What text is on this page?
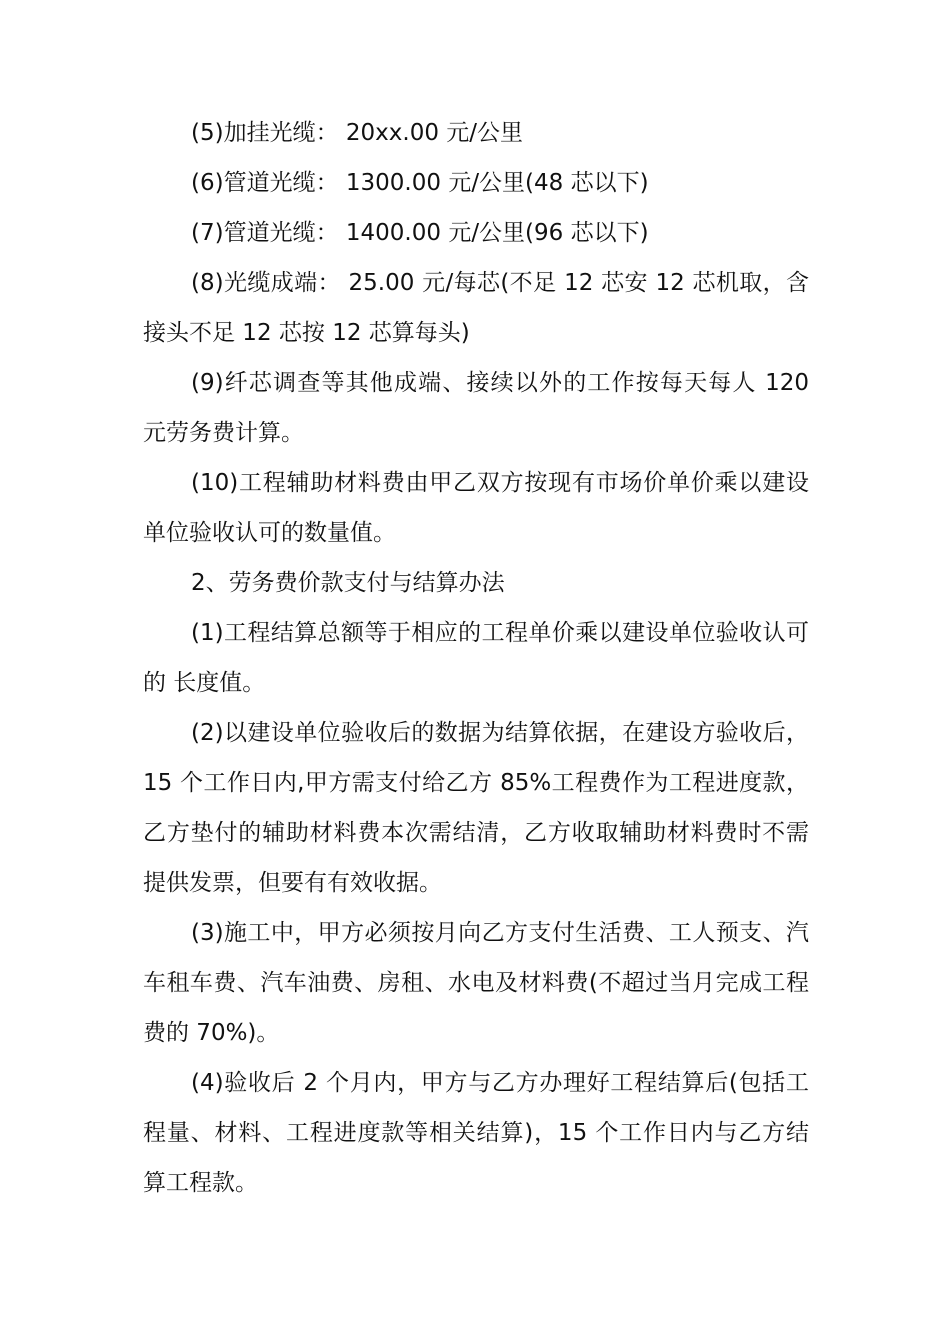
(5)加挂光缆： 20xx.00 元/公里

(6)管道光缆： 1300.00 元/公里(48 芯以下)

(7)管道光缆： 1400.00 元/公里(96 芯以下)

(8)光缆成端： 25.00 元/每芯(不足 12 芯安 12 芯机取，含接头不足 12 芯按 12 芯算每头)

(9)纤芯调查等其他成端、接续以外的工作按每天每人 120 元劳务费计算。

(10)工程辅助材料费由甲乙双方按现有市场价单价乘以建设单位验收认可的数量值。

2、劳务费价款支付与结算办法

(1)工程结算总额等于相应的工程单价乘以建设单位验收认可的 长度值。

(2)以建设单位验收后的数据为结算依据，在建设方验收后，15 个工作日内,甲方需支付给乙方 85%工程费作为工程进度款，乙方垫付的辅助材料费本次需结清，乙方收取辅助材料费时不需提供发票，但要有有效收据。

(3)施工中，甲方必须按月向乙方支付生活费、工人预支、汽车租车费、汽车油费、房租、水电及材料费(不超过当月完成工程费的 70%)。

(4)验收后 2 个月内，甲方与乙方办理好工程结算后(包括工程量、材料、工程进度款等相关结算)，15 个工作日内与乙方结算工程款。
